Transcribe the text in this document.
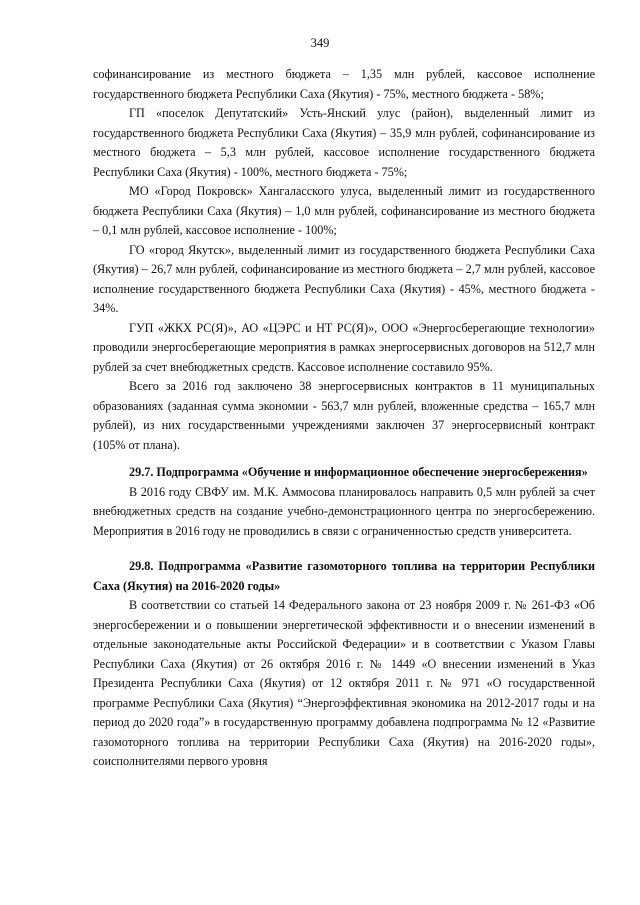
349

софинансирование из местного бюджета – 1,35 млн рублей, кассовое исполнение государственного бюджета Республики Саха (Якутия) - 75%, местного бюджета - 58%;

ГП «поселок Депутатский» Усть-Янский улус (район), выделенный лимит из государственного бюджета Республики Саха (Якутия) – 35,9 млн рублей, софинансирование из местного бюджета – 5,3 млн рублей, кассовое исполнение государственного бюджета Республики Саха (Якутия) - 100%, местного бюджета - 75%;

МО «Город Покровск» Хангаласского улуса, выделенный лимит из государственного бюджета Республики Саха (Якутия) – 1,0 млн рублей, софинансирование из местного бюджета – 0,1 млн рублей, кассовое исполнение - 100%;

ГО «город Якутск», выделенный лимит из государственного бюджета Республики Саха (Якутия) – 26,7 млн рублей, софинансирование из местного бюджета – 2,7 млн рублей, кассовое исполнение государственного бюджета Республики Саха (Якутия) - 45%, местного бюджета - 34%.

ГУП «ЖКХ РС(Я)», АО «ЦЭРС и НТ РС(Я)», ООО «Энергосберегающие технологии» проводили энергосберегающие мероприятия в рамках энергосервисных договоров на 512,7 млн рублей за счет внебюджетных средств. Кассовое исполнение составило 95%.

Всего за 2016 год заключено 38 энергосервисных контрактов в 11 муниципальных образованиях (заданная сумма экономии - 563,7 млн рублей, вложенные средства – 165,7 млн рублей), из них государственными учреждениями заключен 37 энергосервисный контракт (105% от плана).

29.7. Подпрограмма «Обучение и информационное обеспечение энергосбережения»

В 2016 году СВФУ им. М.К. Аммосова планировалось направить 0,5 млн рублей за счет внебюджетных средств на создание учебно-демонстрационного центра по энергосбережению. Мероприятия в 2016 году не проводились в связи с ограниченностью средств университета.

29.8. Подпрограмма «Развитие газомоторного топлива на территории Республики Саха (Якутия) на 2016-2020 годы»

В соответствии со статьей 14 Федерального закона от 23 ноября 2009 г. № 261-ФЗ «Об энергосбережении и о повышении энергетической эффективности и о внесении изменений в отдельные законодательные акты Российской Федерации» и в соответствии с Указом Главы Республики Саха (Якутия) от 26 октября 2016 г. № 1449 «О внесении изменений в Указ Президента Республики Саха (Якутия) от 12 октября 2011 г. № 971 «О государственной программе Республики Саха (Якутия) “Энергоэффективная экономика на 2012-2017 годы и на период до 2020 года”» в государственную программу добавлена подпрограмма № 12 «Развитие газомоторного топлива на территории Республики Саха (Якутия) на 2016-2020 годы», соисполнителями первого уровня
